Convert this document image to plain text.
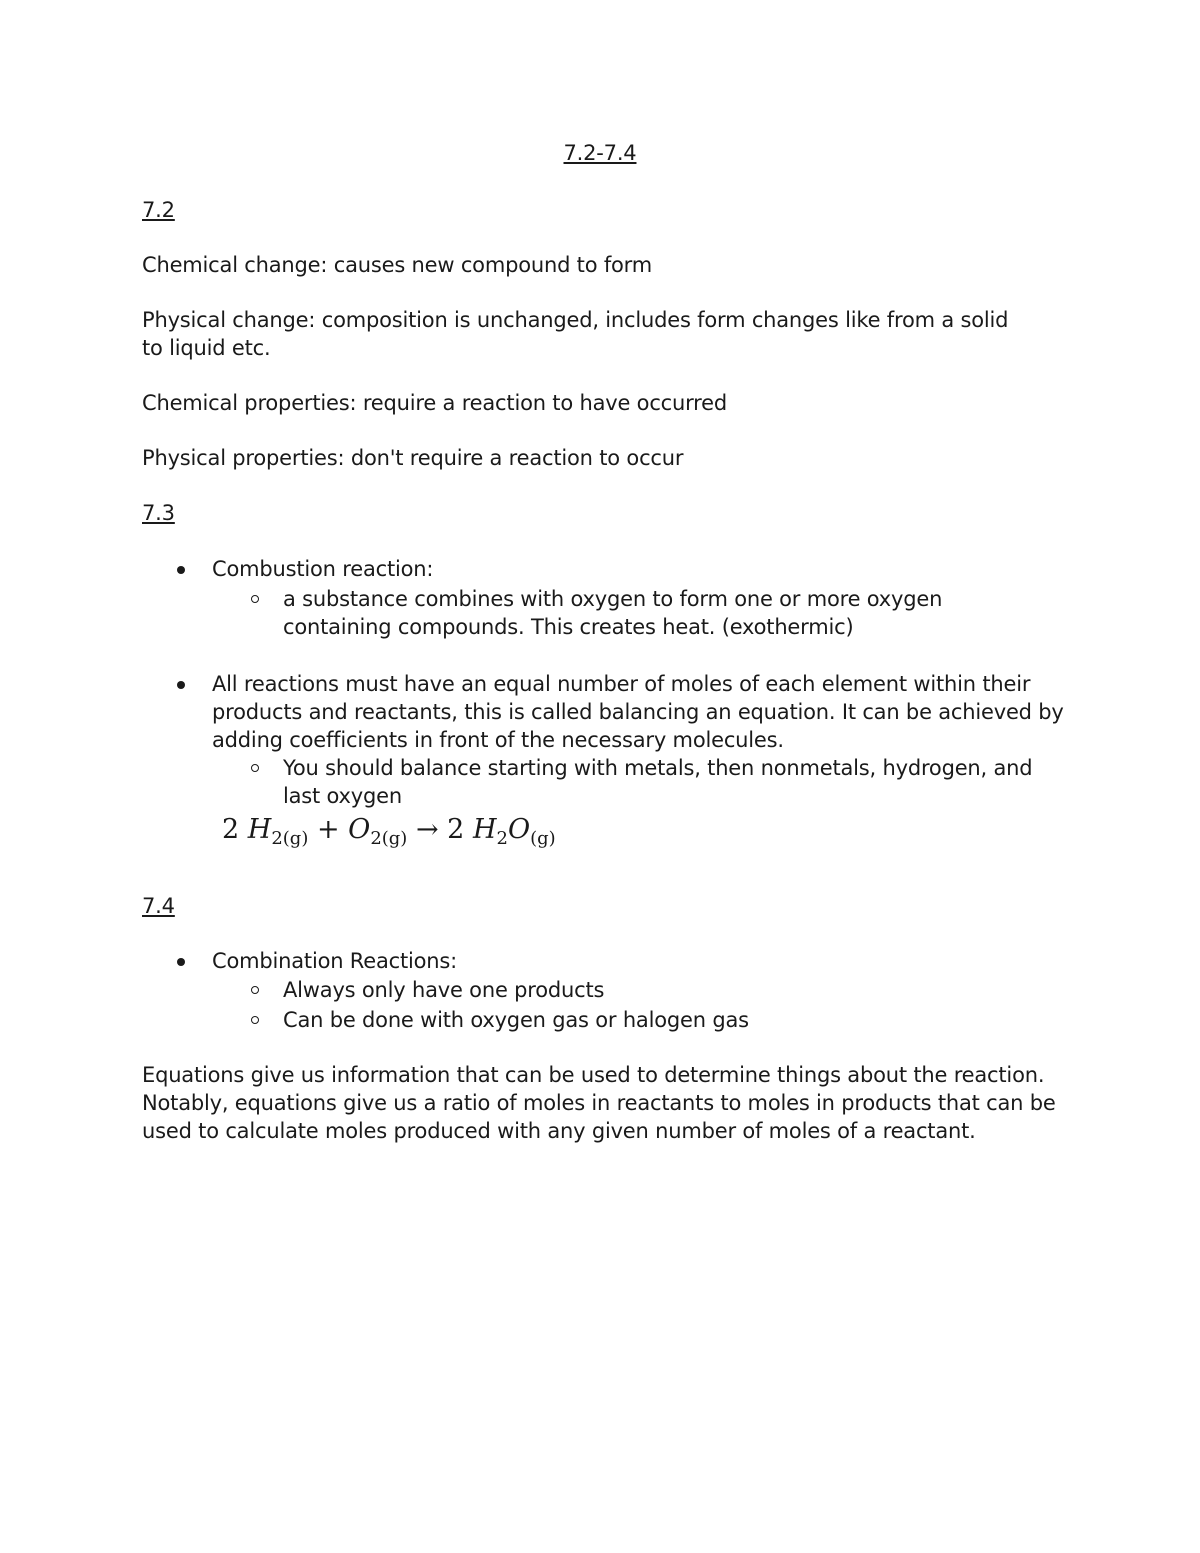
7.2-7.4
7.2
Chemical change: causes new compound to form
Physical change: composition is unchanged, includes form changes like from a solid to liquid etc.
Chemical properties: require a reaction to have occurred
Physical properties: don't require a reaction to occur
7.3
Combustion reaction:
a substance combines with oxygen to form one or more oxygen containing compounds. This creates heat. (exothermic)
All reactions must have an equal number of moles of each element within their products and reactants, this is called balancing an equation. It can be achieved by adding coefficients in front of the necessary molecules.
You should balance starting with metals, then nonmetals, hydrogen, and last oxygen
2 $H_{2(g)} + O_{2(g)} \to 2$ $H_2O_{(g)}$
7.4
Combination Reactions:
Always only have one products
Can be done with oxygen gas or halogen gas
Equations give us information that can be used to determine things about the reaction. Notably, equations give us a ratio of moles in reactants to moles in products that can be used to calculate moles produced with any given number of moles of a reactant.
